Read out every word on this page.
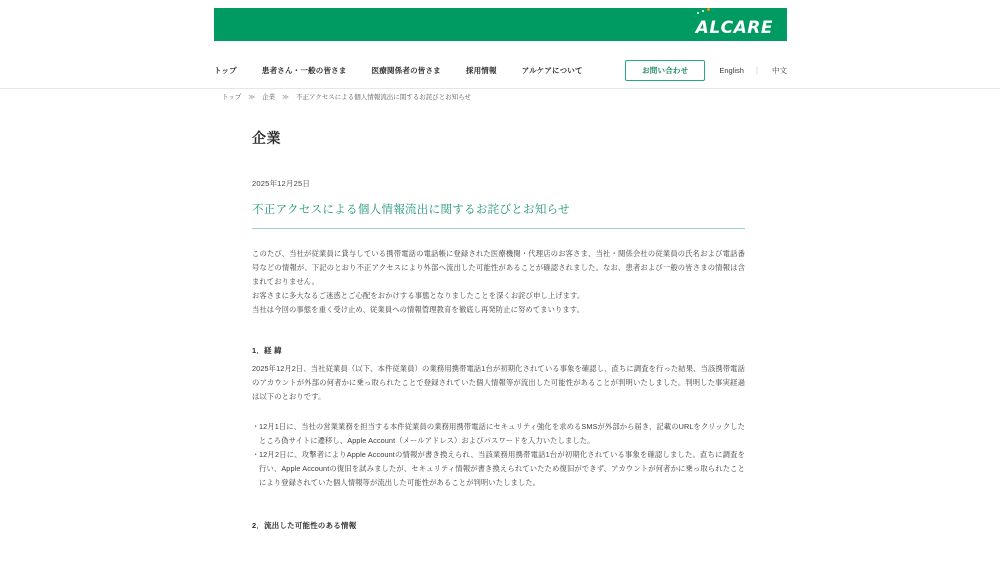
ALCARE
トップ	患者さん・一般の皆さま	医療関係者の皆さま	採用情報	アルケアについて	お問い合わせ	English | 中文
トップ ≫ 企業 ≫ 不正アクセスによる個人情報流出に関するお詫びとお知らせ
企業
2025年12月25日
不正アクセスによる個人情報流出に関するお詫びとお知らせ

このたび、当社が従業員に貸与している携帯電話の電話帳に登録された医療機関・代理店のお客さま、当社・関係会社の従業員の氏名および電話番号などの情報が、下記のとおり不正アクセスにより外部へ流出した可能性があることが確認されました。なお、患者および一般の皆さまの情報は含まれておりません。

お客さまに多大なるご迷惑とご心配をおかけする事態となりましたことを深くお詫び申し上げます。

当社は今回の事態を重く受け止め、従業員への情報管理教育を徹底し再発防止に努めてまいります。

1．経 緯
2025年12月2日、当社従業員（以下、本件従業員）の業務用携帯電話1台が初期化されている事象を確認し、直ちに調査を行った結果、当該携帯電話のアカウントが外部の何者かに乗っ取られたことで登録されていた個人情報等が流出した可能性があることが判明いたしました。判明した事実経過は以下のとおりです。
・ 12月1日に、当社の営業業務を担当する本件従業員の業務用携帯電話にセキュリティ強化を求めるSMSが外部から届き、記載のURLをクリックしたところ偽サイトに遷移し、Apple Account（メールアドレス）およびパスワードを入力いたしました。
・ 12月2日に、攻撃者によりApple Accountの情報が書き換えられ、当該業務用携帯電話1台が初期化されている事象を確認しました。直ちに調査を行い、Apple Accountの復旧を試みましたが、セキュリティ情報が書き換えられていたため復旧ができず、アカウントが何者かに乗っ取られたことにより登録されていた個人情報等が流出した可能性があることが判明いたしました。
2．流出した可能性のある情報
